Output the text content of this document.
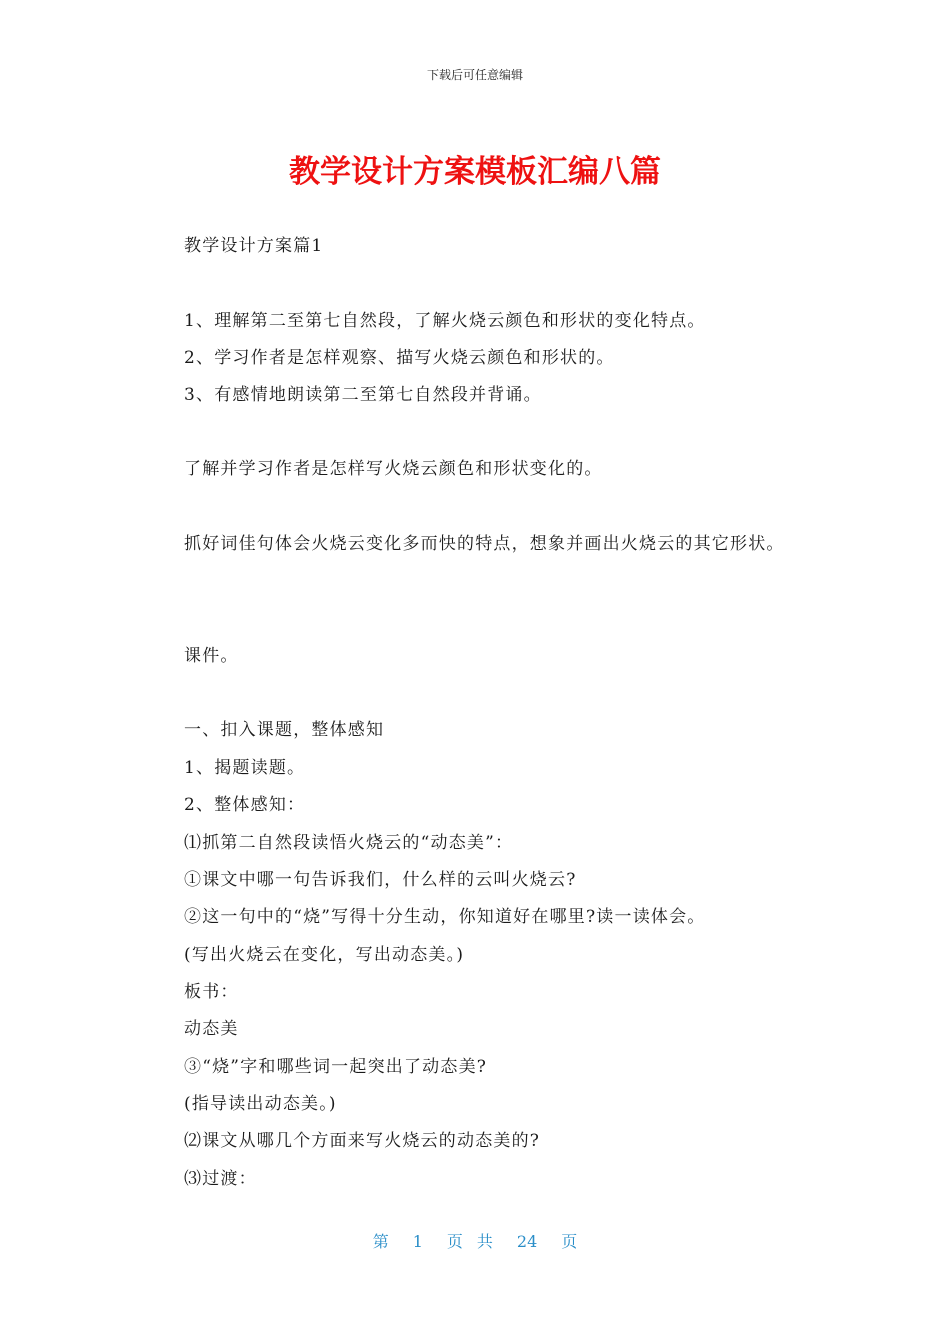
下载后可任意编辑
教学设计方案模板汇编八篇
教学设计方案篇1
1、理解第二至第七自然段，了解火烧云颜色和形状的变化特点。
2、学习作者是怎样观察、描写火烧云颜色和形状的。
3、有感情地朗读第二至第七自然段并背诵。
了解并学习作者是怎样写火烧云颜色和形状变化的。
抓好词佳句体会火烧云变化多而快的特点，想象并画出火烧云的其它形状。
课件。
一、扣入课题，整体感知
1、揭题读题。
2、整体感知：
⑴抓第二自然段读悟火烧云的“动态美”：
①课文中哪一句告诉我们，什么样的云叫火烧云?
②这一句中的“烧”写得十分生动，你知道好在哪里?读一读体会。
(写出火烧云在变化，写出动态美。)
板书：
动态美
③“烧”字和哪些词一起突出了动态美?
(指导读出动态美。)
⑵课文从哪几个方面来写火烧云的动态美的?
⑶过渡：
第 1 页 共 24 页
